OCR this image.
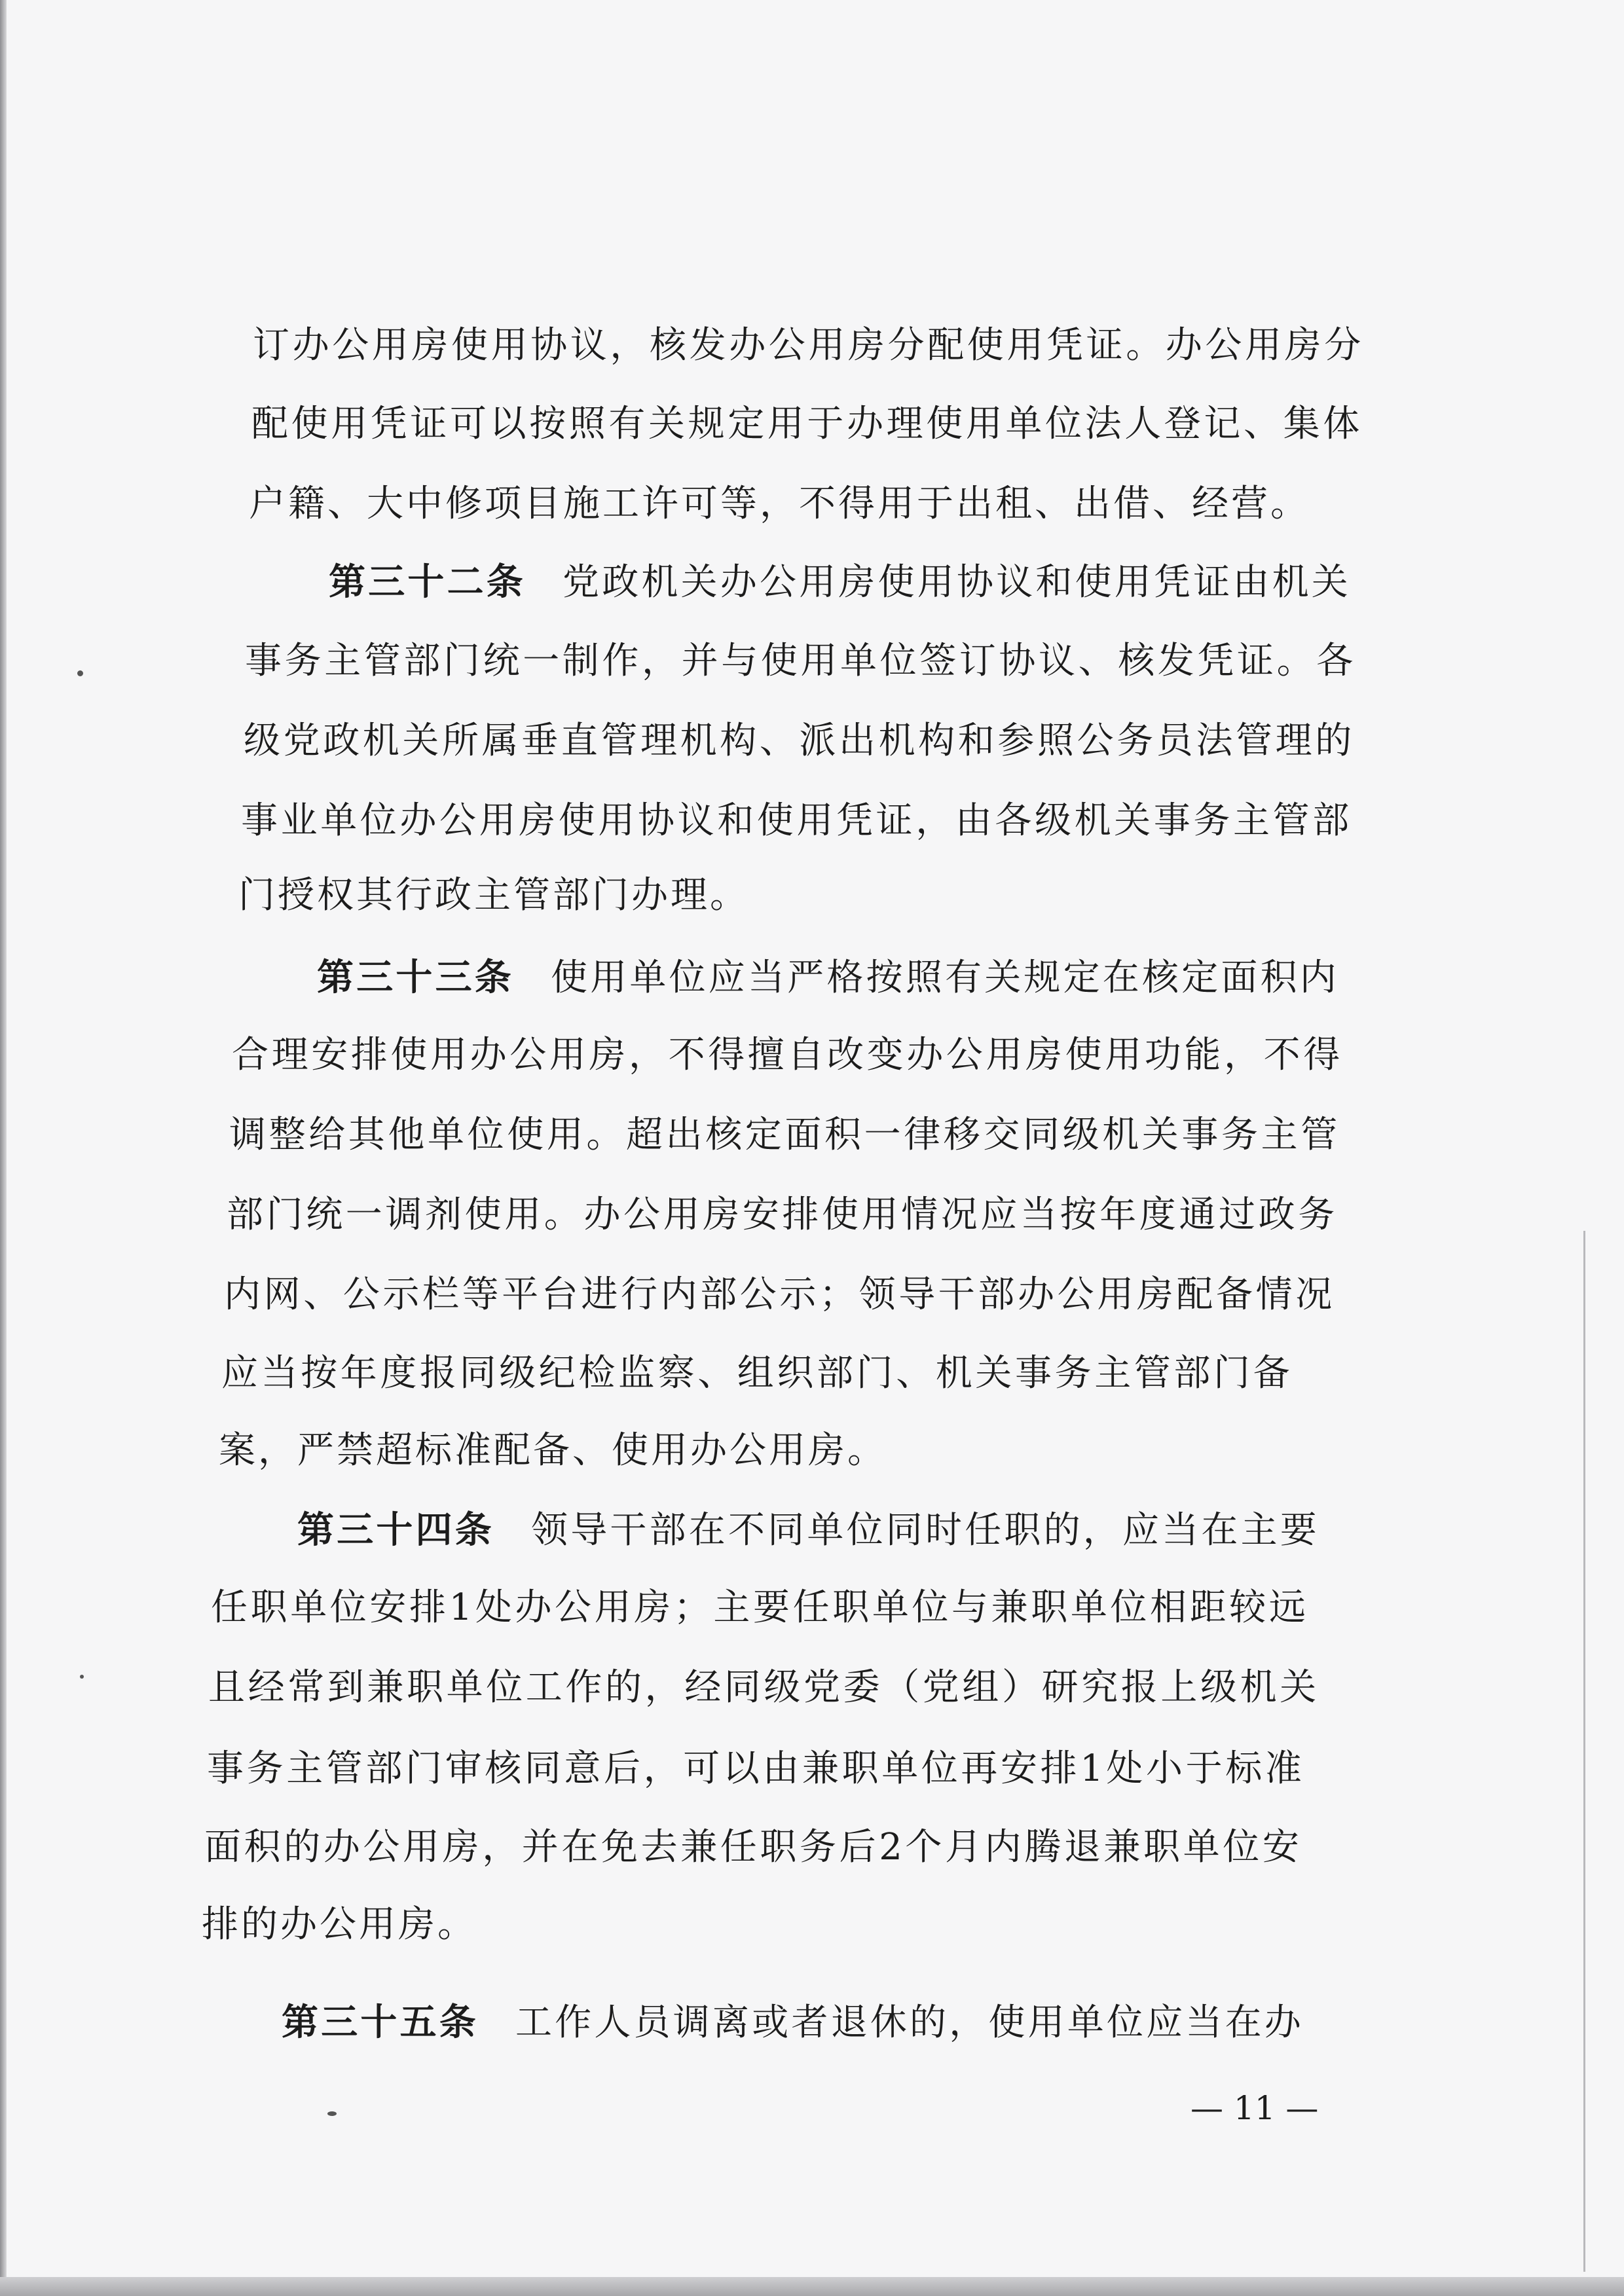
订办公用房使用协议，核发办公用房分配使用凭证。办公用房分
配使用凭证可以按照有关规定用于办理使用单位法人登记、集体
户籍、大中修项目施工许可等，不得用于出租、出借、经营。
第三十二条 党政机关办公用房使用协议和使用凭证由机关
事务主管部门统一制作，并与使用单位签订协议、核发凭证。各
级党政机关所属垂直管理机构、派出机构和参照公务员法管理的
事业单位办公用房使用协议和使用凭证，由各级机关事务主管部
门授权其行政主管部门办理。
第三十三条 使用单位应当严格按照有关规定在核定面积内
合理安排使用办公用房，不得擅自改变办公用房使用功能，不得
调整给其他单位使用。超出核定面积一律移交同级机关事务主管
部门统一调剂使用。办公用房安排使用情况应当按年度通过政务
内网、公示栏等平台进行内部公示；领导干部办公用房配备情况
应当按年度报同级纪检监察、组织部门、机关事务主管部门备
案，严禁超标准配备、使用办公用房。
第三十四条 领导干部在不同单位同时任职的，应当在主要
任职单位安排1处办公用房；主要任职单位与兼职单位相距较远
且经常到兼职单位工作的，经同级党委（党组）研究报上级机关
事务主管部门审核同意后，可以由兼职单位再安排1处小于标准
面积的办公用房，并在免去兼任职务后2个月内腾退兼职单位安
排的办公用房。
第三十五条 工作人员调离或者退休的，使用单位应当在办
— 11 —
